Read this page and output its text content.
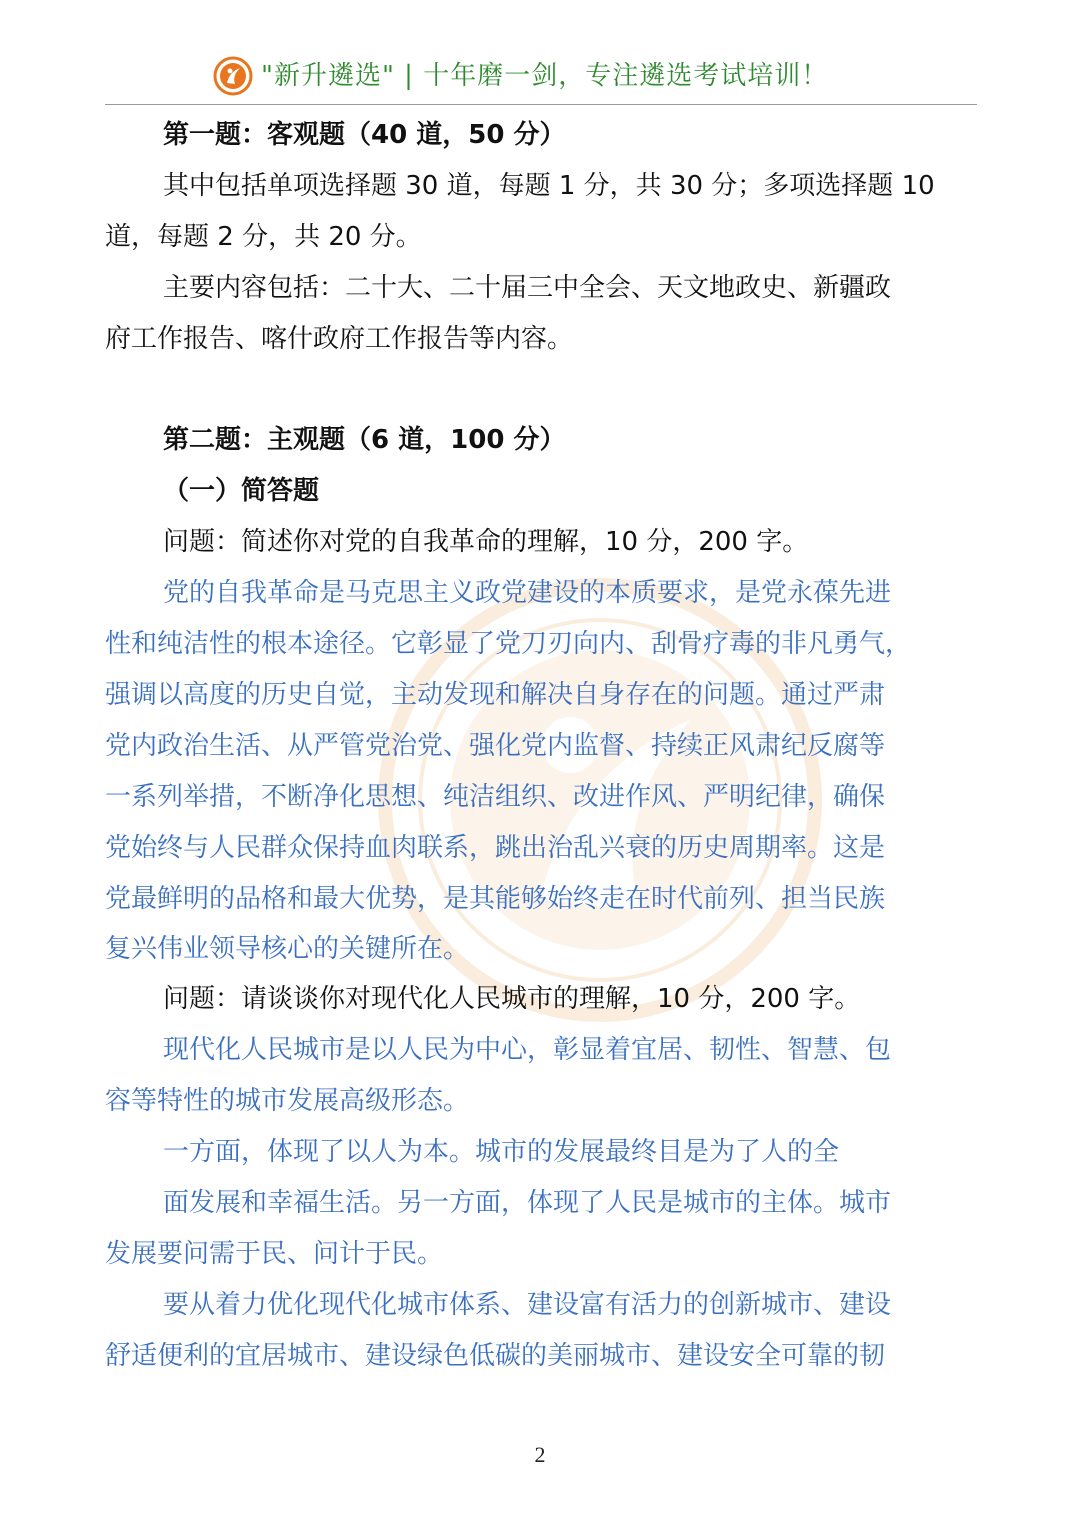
"新升遴选" | 十年磨一剑，专注遴选考试培训！
第一题：客观题（40 道，50 分）
其中包括单项选择题 30 道，每题 1 分，共 30 分；多项选择题 10
道，每题 2 分，共 20 分。
主要内容包括：二十大、二十届三中全会、天文地政史、新疆政
府工作报告、喀什政府工作报告等内容。
第二题：主观题（6 道，100 分）
（一）简答题
问题：简述你对党的自我革命的理解，10 分，200 字。
党的自我革命是马克思主义政党建设的本质要求，是党永葆先进
性和纯洁性的根本途径。它彰显了党刀刃向内、刮骨疗毒的非凡勇气，
强调以高度的历史自觉，主动发现和解决自身存在的问题。通过严肃
党内政治生活、从严管党治党、强化党内监督、持续正风肃纪反腐等
一系列举措，不断净化思想、纯洁组织、改进作风、严明纪律，确保
党始终与人民群众保持血肉联系，跳出治乱兴衰的历史周期率。这是
党最鲜明的品格和最大优势，是其能够始终走在时代前列、担当民族
复兴伟业领导核心的关键所在。
问题：请谈谈你对现代化人民城市的理解，10 分，200 字。
现代化人民城市是以人民为中心，彰显着宜居、韧性、智慧、包
容等特性的城市发展高级形态。
一方面，体现了以人为本。城市的发展最终目是为了人的全
面发展和幸福生活。另一方面，体现了人民是城市的主体。城市
发展要问需于民、问计于民。
要从着力优化现代化城市体系、建设富有活力的创新城市、建设
舒适便利的宜居城市、建设绿色低碳的美丽城市、建设安全可靠的韧
2
